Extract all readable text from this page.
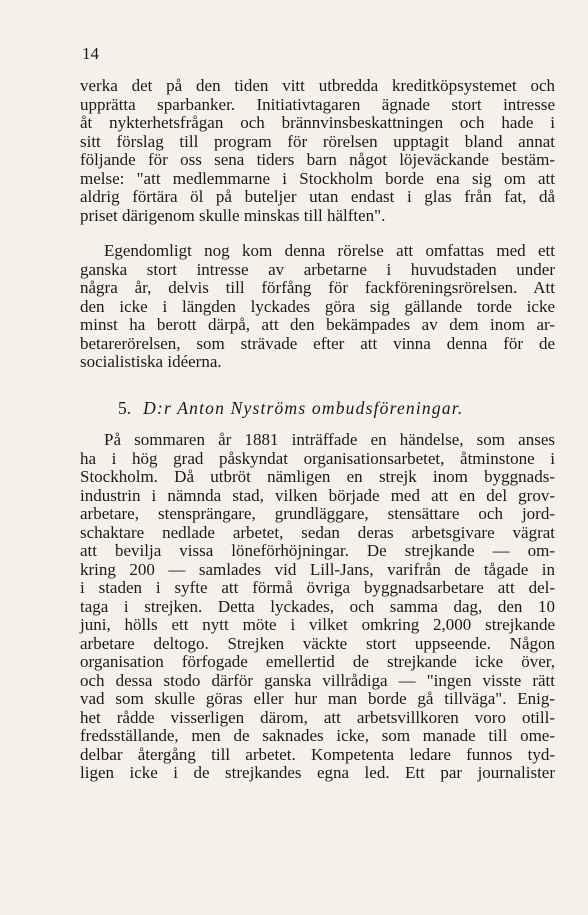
14
verka det på den tiden vitt utbredda kreditköpsystemet och
upprätta sparbanker. Initiativtagaren ägnade stort intresse
åt nykterhetsfrågan och brännvinsbeskattningen och hade i
sitt förslag till program för rörelsen upptagit bland annat
följande för oss sena tiders barn något löjeväckande bestäm-
melse: "att medlemmarne i Stockholm borde ena sig om att
aldrig förtära öl på buteljer utan endast i glas från fat, då
priset därigenom skulle minskas till hälften".
Egendomligt nog kom denna rörelse att omfattas med ett
ganska stort intresse av arbetarne i huvudstaden under
några år, delvis till förfång för fackföreningsrörelsen. Att
den icke i längden lyckades göra sig gällande torde icke
minst ha berott därpå, att den bekämpades av dem inom ar-
betarerörelsen, som strävade efter att vinna denna för de
socialistiska idéerna.
5. D:r Anton Nyströms ombudsföreningar.
På sommaren år 1881 inträffade en händelse, som anses
ha i hög grad påskyndat organisationsarbetet, åtminstone i
Stockholm. Då utbröt nämligen en strejk inom byggnads-
industrin i nämnda stad, vilken började med att en del grov-
arbetare, stensprängare, grundläggare, stensättare och jord-
schaktare nedlade arbetet, sedan deras arbetsgivare vägrat
att bevilja vissa löneförhöjningar. De strejkande — om-
kring 200 — samlades vid Lill-Jans, varifrån de tågade in
i staden i syfte att förmå övriga byggnadsarbetare att del-
taga i strejken. Detta lyckades, och samma dag, den 10
juni, hölls ett nytt möte i vilket omkring 2,000 strejkande
arbetare deltogo. Strejken väckte stort uppseende. Någon
organisation förfogade emellertid de strejkande icke över,
och dessa stodo därför ganska villrådiga — "ingen visste rätt
vad som skulle göras eller hur man borde gå tillväga". Enig-
het rådde visserligen därom, att arbetsvillkoren voro otill-
fredsställande, men de saknades icke, som manade till ome-
delbar återgång till arbetet. Kompetenta ledare funnos tyd-
ligen icke i de strejkandes egna led. Ett par journalister
